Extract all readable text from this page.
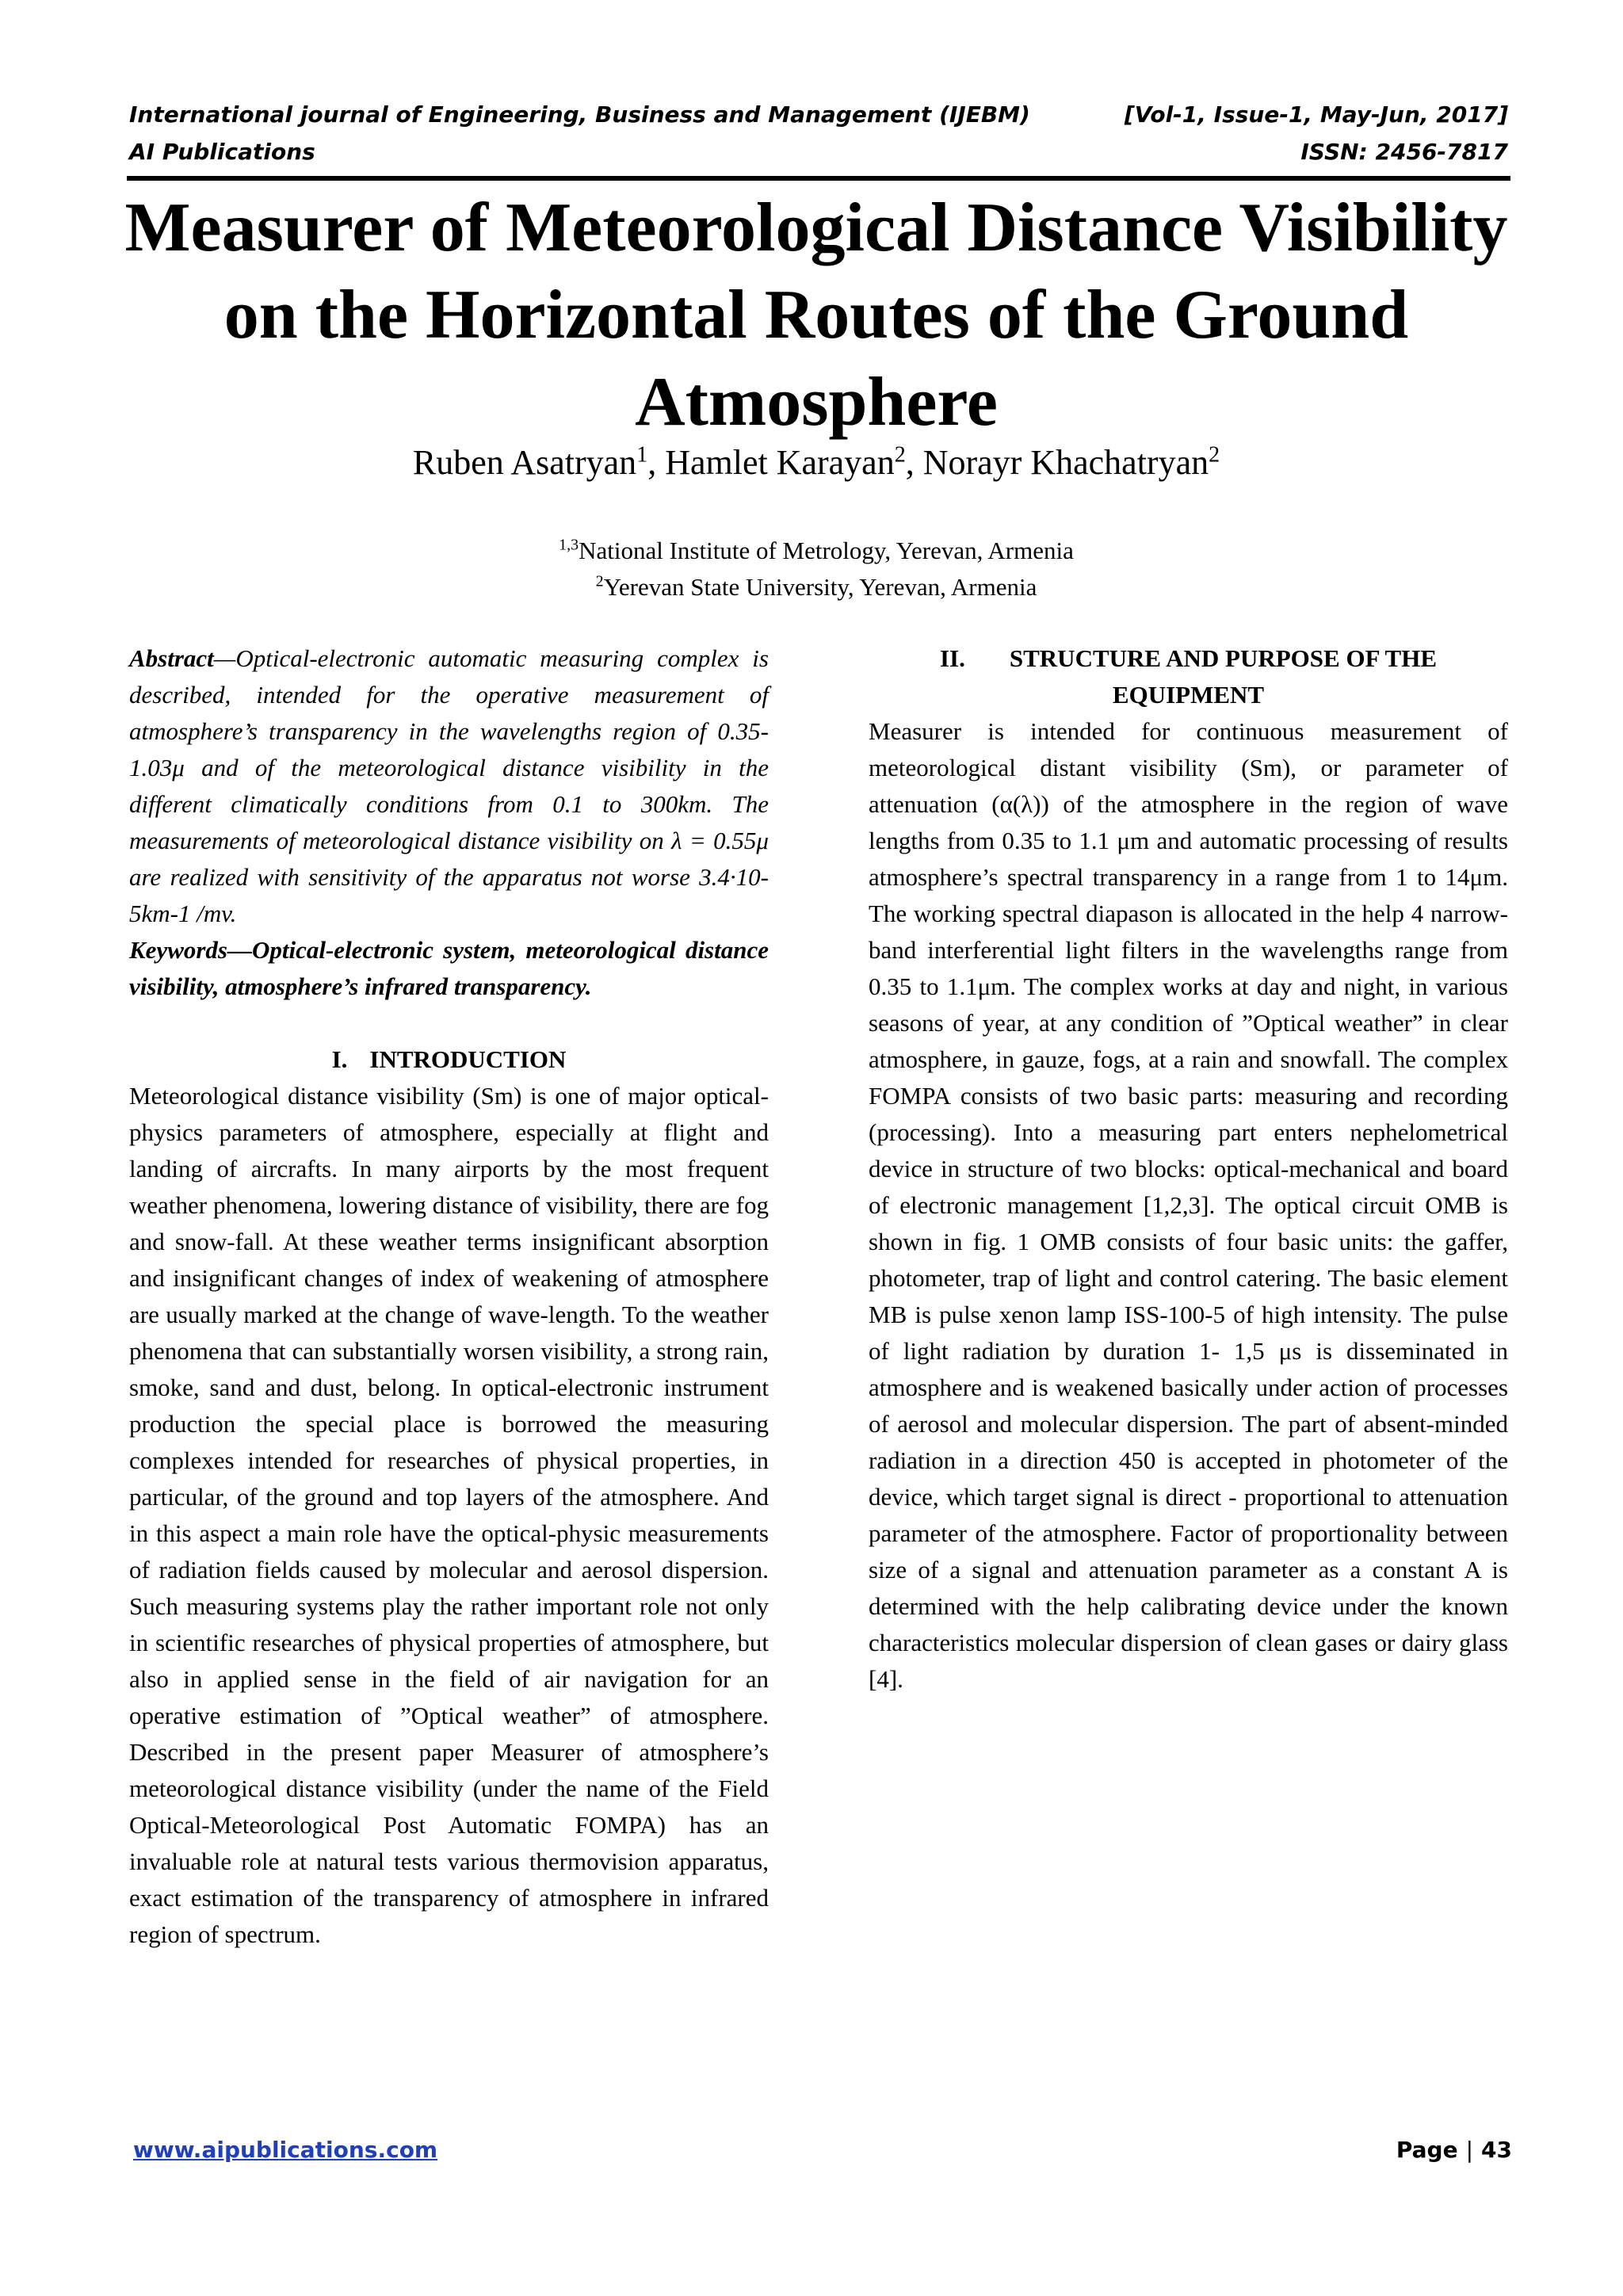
International journal of Engineering, Business and Management (IJEBM)	[Vol-1, Issue-1, May-Jun, 2017]
AI Publications	ISSN: 2456-7817
Measurer of Meteorological Distance Visibility
on the Horizontal Routes of the Ground
Atmosphere
Ruben Asatryan$^1$, Hamlet Karayan$^2$, Norayr Khachatryan$^2$
$^{1,3}$National Institute of Metrology, Yerevan, Armenia
$^2$Yerevan State University, Yerevan, Armenia

Abstract—Optical-electronic automatic measuring complex is described, intended for the operative measurement of atmosphere’s transparency in the wavelengths region of 0.35-1.03μ and of the meteorological distance visibility in the different climatically conditions from 0.1 to 300km. The measurements of meteorological distance visibility on λ = 0.55μ are realized with sensitivity of the apparatus not worse 3.4·10-5km-1 /mv.

Keywords—Optical-electronic system, meteorological distance visibility, atmosphere’s infrared transparency.

I. INTRODUCTION

Meteorological distance visibility (Sm) is one of major optical-physics parameters of atmosphere, especially at flight and landing of aircrafts. In many airports by the most frequent weather phenomena, lowering distance of visibility, there are fog and snow-fall. At these weather terms insignificant absorption and insignificant changes of index of weakening of atmosphere are usually marked at the change of wave-length. To the weather phenomena that can substantially worsen visibility, a strong rain, smoke, sand and dust, belong. In optical-electronic instrument production the special place is borrowed the measuring complexes intended for researches of physical properties, in particular, of the ground and top layers of the atmosphere. And in this aspect a main role have the optical-physic measurements of radiation fields caused by molecular and aerosol dispersion. Such measuring systems play the rather important role not only in scientific researches of physical properties of atmosphere, but also in applied sense in the field of air navigation for an operative estimation of ”Optical weather” of atmosphere. Described in the present paper Measurer of atmosphere’s meteorological distance visibility (under the name of the Field Optical-Meteorological Post Automatic FOMPA) has an invaluable role at natural tests various thermovision apparatus, exact estimation of the transparency of atmosphere in infrared region of spectrum.

II. STRUCTURE AND PURPOSE OF THE
EQUIPMENT

Measurer is intended for continuous measurement of meteorological distant visibility (Sm), or parameter of attenuation (α(λ)) of the atmosphere in the region of wave lengths from 0.35 to 1.1 μm and automatic processing of results atmosphere’s spectral transparency in a range from 1 to 14μm. The working spectral diapason is allocated in the help 4 narrow-band interferential light filters in the wavelengths range from 0.35 to 1.1μm. The complex works at day and night, in various seasons of year, at any condition of ”Optical weather” in clear atmosphere, in gauze, fogs, at a rain and snowfall. The complex FOMPA consists of two basic parts: measuring and recording (processing). Into a measuring part enters nephelometrical device in structure of two blocks: optical-mechanical and board of electronic management [1,2,3]. The optical circuit OMB is shown in fig. 1 OMB consists of four basic units: the gaffer, photometer, trap of light and control catering. The basic element MB is pulse xenon lamp ISS-100-5 of high intensity. The pulse of light radiation by duration 1- 1,5 μs is disseminated in atmosphere and is weakened basically under action of processes of aerosol and molecular dispersion. The part of absent-minded radiation in a direction 450 is accepted in photometer of the device, which target signal is direct - proportional to attenuation parameter of the atmosphere. Factor of proportionality between size of a signal and attenuation parameter as a constant A is determined with the help calibrating device under the known characteristics molecular dispersion of clean gases or dairy glass [4].

www.aipublications.com	Page | 43
